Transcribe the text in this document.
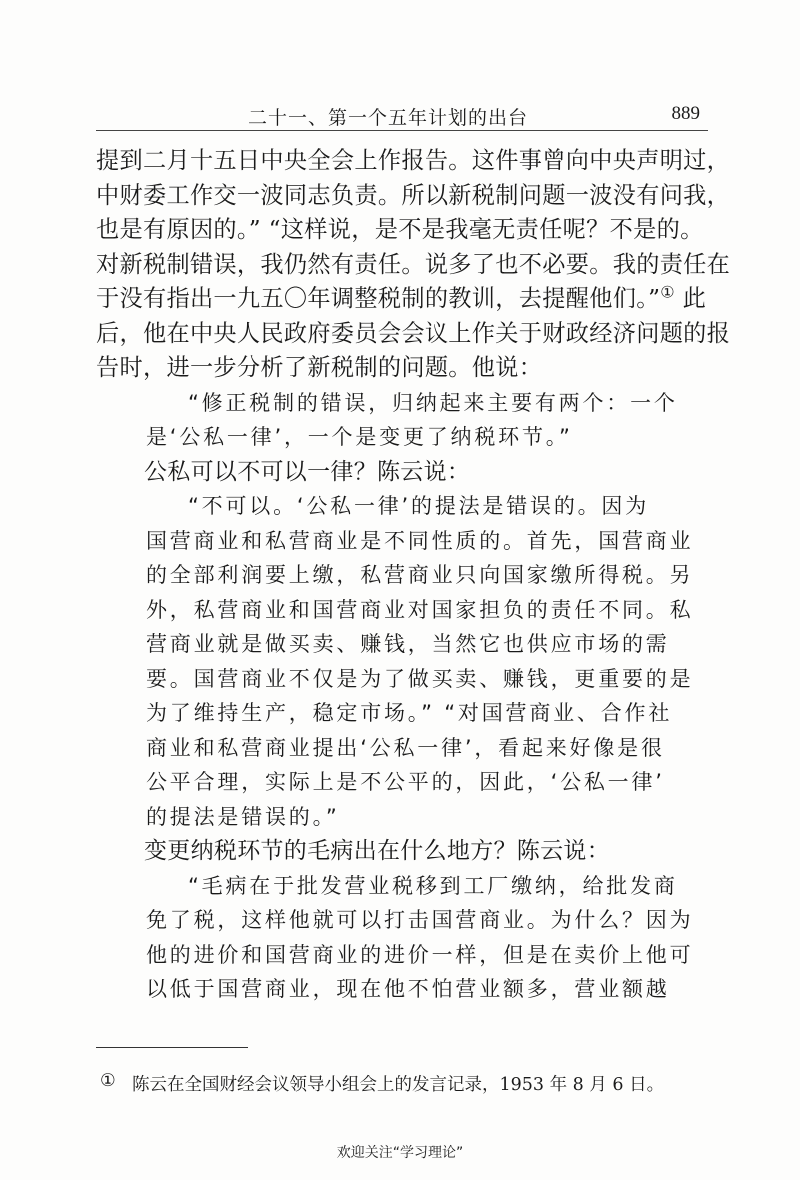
二十一、第一个五年计划的出台	889
提到二月十五日中央全会上作报告。这件事曾向中央声明过，
中财委工作交一波同志负责。所以新税制问题一波没有问我，
也是有原因的。” “这样说，是不是我毫无责任呢？不是的。
对新税制错误，我仍然有责任。说多了也不必要。我的责任在
于没有指出一九五〇年调整税制的教训，去提醒他们。”① 此
后，他在中央人民政府委员会会议上作关于财政经济问题的报
告时，进一步分析了新税制的问题。他说：
“修正税制的错误，归纳起来主要有两个：一个
是‘公私一律’，一个是变更了纳税环节。”
公私可以不可以一律？陈云说：
“不可以。‘公私一律’的提法是错误的。因为
国营商业和私营商业是不同性质的。首先，国营商业
的全部利润要上缴，私营商业只向国家缴所得税。另
外，私营商业和国营商业对国家担负的责任不同。私
营商业就是做买卖、赚钱，当然它也供应市场的需
要。国营商业不仅是为了做买卖、赚钱，更重要的是
为了维持生产，稳定市场。” “对国营商业、合作社
商业和私营商业提出‘公私一律’，看起来好像是很
公平合理，实际上是不公平的，因此，‘公私一律’
的提法是错误的。”
变更纳税环节的毛病出在什么地方？陈云说：
“毛病在于批发营业税移到工厂缴纳，给批发商
免了税，这样他就可以打击国营商业。为什么？因为
他的进价和国营商业的进价一样，但是在卖价上他可
以低于国营商业，现在他不怕营业额多，营业额越
① 陈云在全国财经会议领导小组会上的发言记录，1953 年 8 月 6 日。
欢迎关注“学习理论”
